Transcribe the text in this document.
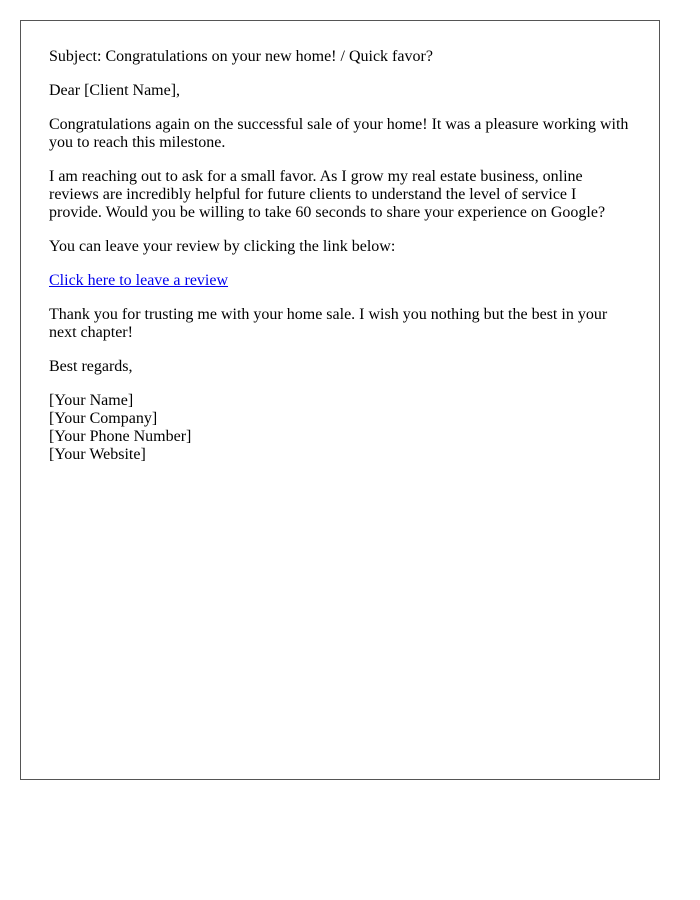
Subject: Congratulations on your new home! / Quick favor?

Dear [Client Name],

Congratulations again on the successful sale of your home! It was a pleasure working with you to reach this milestone.

I am reaching out to ask for a small favor. As I grow my real estate business, online reviews are incredibly helpful for future clients to understand the level of service I provide. Would you be willing to take 60 seconds to share your experience on Google?

You can leave your review by clicking the link below:

Click here to leave a review

Thank you for trusting me with your home sale. I wish you nothing but the best in your next chapter!

Best regards,

[Your Name]
[Your Company]
[Your Phone Number]
[Your Website]
